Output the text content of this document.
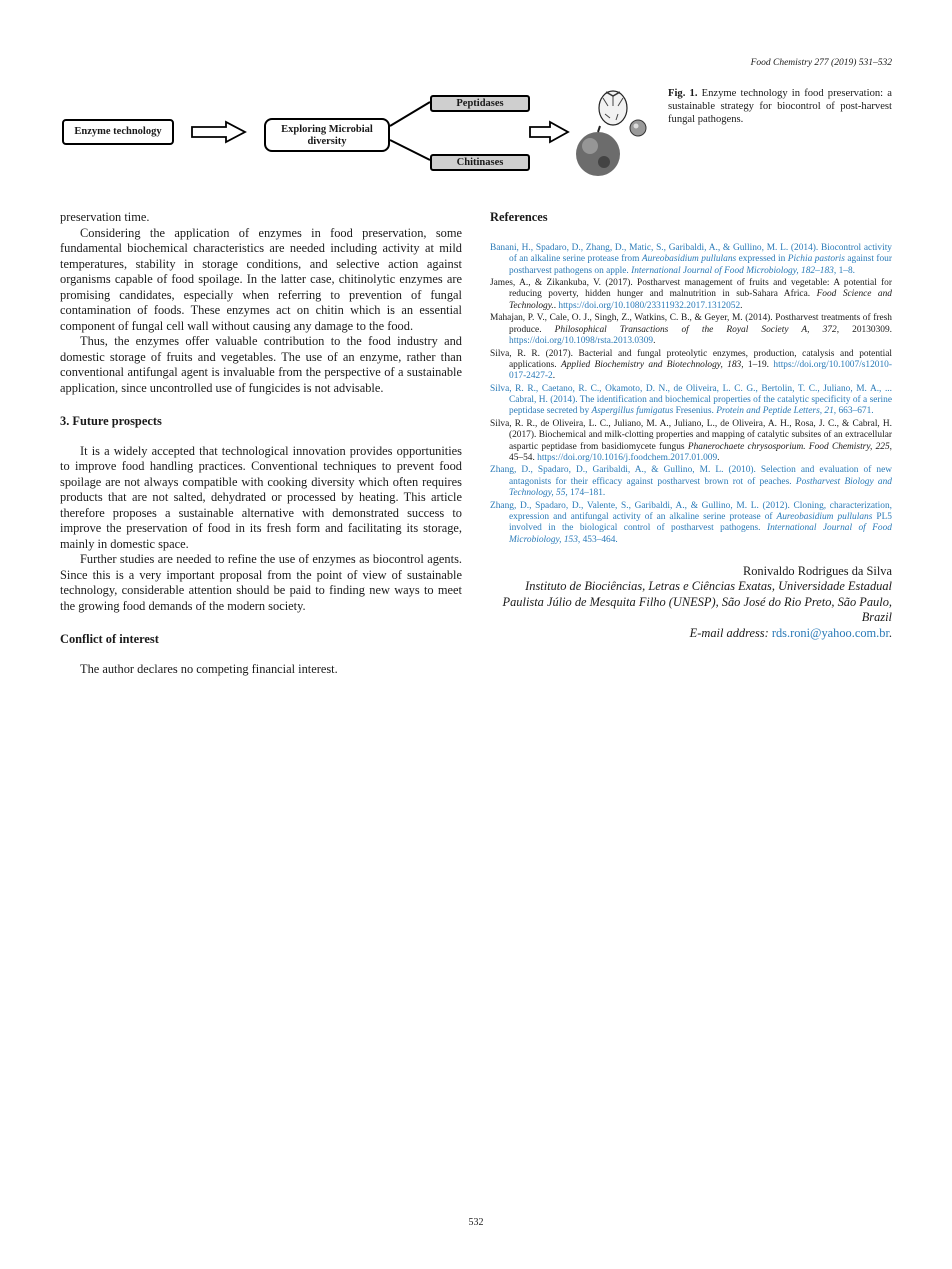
Food Chemistry 277 (2019) 531–532
Enzyme technology	Exploring Microbial diversity
Peptidases
Chitinases
Fig. 1. Enzyme technology in food preservation: a sustainable strategy for biocontrol of post-harvest fungal pathogens.

preservation time.

Considering the application of enzymes in food preservation, some fundamental biochemical characteristics are needed including activity at mild temperatures, stability in storage conditions, and selective action against organisms capable of food spoilage. In the latter case, chitinolytic enzymes are promising candidates, especially when referring to prevention of fungal contamination of foods. These enzymes act on chitin which is an essential component of fungal cell wall without causing any damage to the food.

Thus, the enzymes offer valuable contribution to the food industry and domestic storage of fruits and vegetables. The use of an enzyme, rather than conventional antifungal agent is invaluable from the perspective of a sustainable application, since uncontrolled use of fungicides is not advisable.

3. Future prospects

It is a widely accepted that technological innovation provides opportunities to improve food handling practices. Conventional techniques to prevent food spoilage are not always compatible with cooking diversity which often requires products that are not salted, dehydrated or processed by heating. This article therefore proposes a sustainable alternative with demonstrated success to improve the preservation of food in its fresh form and facilitating its storage, mainly in domestic space.

Further studies are needed to refine the use of enzymes as biocontrol agents. Since this is a very important proposal from the point of view of sustainable technology, considerable attention should be paid to finding new ways to meet the growing food demands of the modern society.

Conflict of interest

The author declares no competing financial interest.

References
Banani, H., Spadaro, D., Zhang, D., Matic, S., Garibaldi, A., & Gullino, M. L. (2014). Biocontrol activity of an alkaline serine protease from Aureobasidium pullulans expressed in Pichia pastoris against four postharvest pathogens on apple. International Journal of Food Microbiology, 182–183, 1–8.
James, A., & Zikankuba, V. (2017). Postharvest management of fruits and vegetable: A potential for reducing poverty, hidden hunger and malnutrition in sub-Sahara Africa. Food Science and Technology.. https://doi.org/10.1080/23311932.2017.1312052.
Mahajan, P. V., Cale, O. J., Singh, Z., Watkins, C. B., & Geyer, M. (2014). Postharvest treatments of fresh produce. Philosophical Transactions of the Royal Society A, 372, 20130309. https://doi.org/10.1098/rsta.2013.0309.
Silva, R. R. (2017). Bacterial and fungal proteolytic enzymes, production, catalysis and potential applications. Applied Biochemistry and Biotechnology, 183, 1–19. https://doi.org/10.1007/s12010-017-2427-2.
Silva, R. R., Caetano, R. C., Okamoto, D. N., de Oliveira, L. C. G., Bertolin, T. C., Juliano, M. A., ... Cabral, H. (2014). The identification and biochemical properties of the catalytic specificity of a serine peptidase secreted by Aspergillus fumigatus Fresenius. Protein and Peptide Letters, 21, 663–671.
Silva, R. R., de Oliveira, L. C., Juliano, M. A., Juliano, L., de Oliveira, A. H., Rosa, J. C., & Cabral, H. (2017). Biochemical and milk-clotting properties and mapping of catalytic subsites of an extracellular aspartic peptidase from basidiomycete fungus Phanerochaete chrysosporium. Food Chemistry, 225, 45–54. https://doi.org/10.1016/j.foodchem.2017.01.009.
Zhang, D., Spadaro, D., Garibaldi, A., & Gullino, M. L. (2010). Selection and evaluation of new antagonists for their efficacy against postharvest brown rot of peaches. Postharvest Biology and Technology, 55, 174–181.
Zhang, D., Spadaro, D., Valente, S., Garibaldi, A., & Gullino, M. L. (2012). Cloning, characterization, expression and antifungal activity of an alkaline serine protease of Aureobasidium pullulans PL5 involved in the biological control of postharvest pathogens. International Journal of Food Microbiology, 153, 453–464.
Ronivaldo Rodrigues da Silva
Instituto de Biociências, Letras e Ciências Exatas, Universidade Estadual Paulista Júlio de Mesquita Filho (UNESP), São José do Rio Preto, São Paulo, Brazil
E-mail address: rds.roni@yahoo.com.br.
532
